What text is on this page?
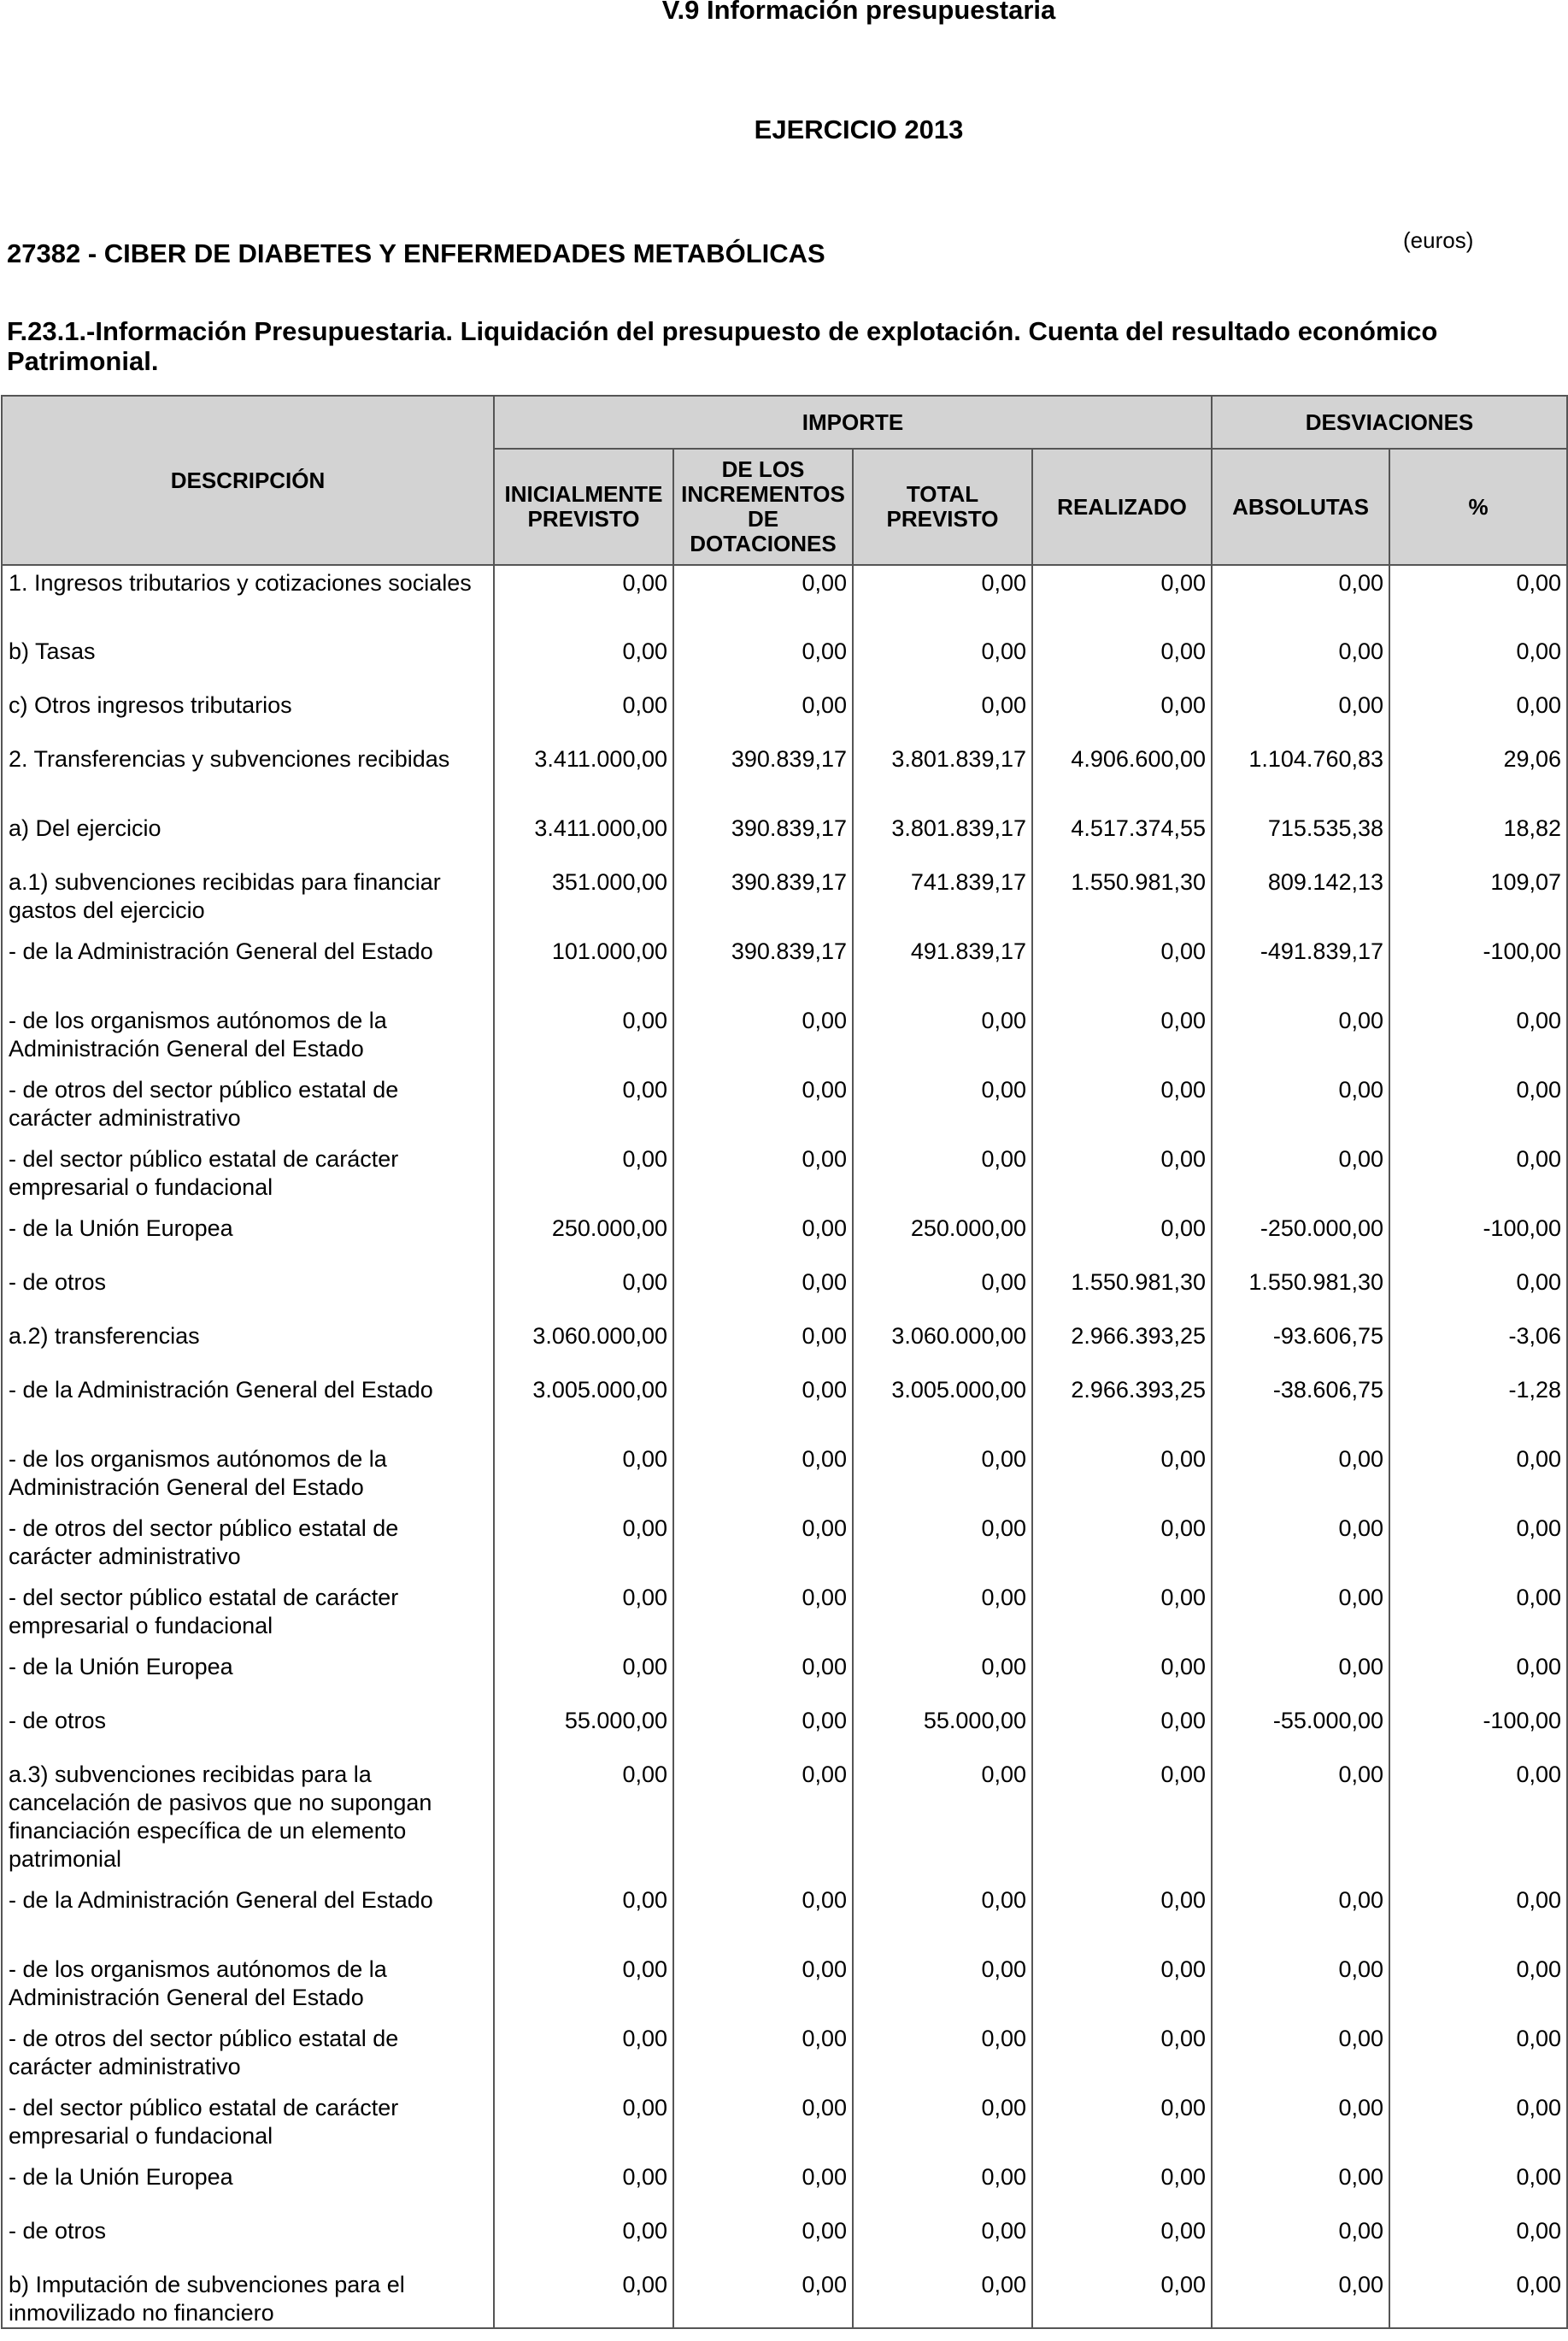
V.9 Información presupuestaria
EJERCICIO 2013
27382 - CIBER DE DIABETES Y ENFERMEDADES METABÓLICAS	(euros)
F.23.1.-Información Presupuestaria. Liquidación del presupuesto de explotación. Cuenta del resultado económico Patrimonial.
DESCRIPCIÓN	IMPORTE				DESVIACIONES	
	INICIALMENTE PREVISTO	DE LOS INCREMENTOS DE DOTACIONES	TOTAL PREVISTO	REALIZADO	ABSOLUTAS	%
1. Ingresos tributarios y cotizaciones sociales	0,00	0,00	0,00	0,00	0,00	0,00
b) Tasas	0,00	0,00	0,00	0,00	0,00	0,00
c) Otros ingresos tributarios	0,00	0,00	0,00	0,00	0,00	0,00
2. Transferencias y subvenciones recibidas	3.411.000,00	390.839,17	3.801.839,17	4.906.600,00	1.104.760,83	29,06
a) Del ejercicio	3.411.000,00	390.839,17	3.801.839,17	4.517.374,55	715.535,38	18,82
a.1) subvenciones recibidas para financiar gastos del ejercicio	351.000,00	390.839,17	741.839,17	1.550.981,30	809.142,13	109,07
- de la Administración General del Estado	101.000,00	390.839,17	491.839,17	0,00	-491.839,17	-100,00
- de los organismos autónomos de la Administración General del Estado	0,00	0,00	0,00	0,00	0,00	0,00
- de otros del sector público estatal de carácter administrativo	0,00	0,00	0,00	0,00	0,00	0,00
- del sector público estatal de carácter empresarial o fundacional	0,00	0,00	0,00	0,00	0,00	0,00
- de la Unión Europea	250.000,00	0,00	250.000,00	0,00	-250.000,00	-100,00
- de otros	0,00	0,00	0,00	1.550.981,30	1.550.981,30	0,00
a.2) transferencias	3.060.000,00	0,00	3.060.000,00	2.966.393,25	-93.606,75	-3,06
- de la Administración General del Estado	3.005.000,00	0,00	3.005.000,00	2.966.393,25	-38.606,75	-1,28
- de los organismos autónomos de la Administración General del Estado	0,00	0,00	0,00	0,00	0,00	0,00
- de otros del sector público estatal de carácter administrativo	0,00	0,00	0,00	0,00	0,00	0,00
- del sector público estatal de carácter empresarial o fundacional	0,00	0,00	0,00	0,00	0,00	0,00
- de la Unión Europea	0,00	0,00	0,00	0,00	0,00	0,00
- de otros	55.000,00	0,00	55.000,00	0,00	-55.000,00	-100,00
a.3) subvenciones recibidas para la cancelación de pasivos que no supongan financiación específica de un elemento patrimonial	0,00	0,00	0,00	0,00	0,00	0,00
- de la Administración General del Estado	0,00	0,00	0,00	0,00	0,00	0,00
- de los organismos autónomos de la Administración General del Estado	0,00	0,00	0,00	0,00	0,00	0,00
- de otros del sector público estatal de carácter administrativo	0,00	0,00	0,00	0,00	0,00	0,00
- del sector público estatal de carácter empresarial o fundacional	0,00	0,00	0,00	0,00	0,00	0,00
- de la Unión Europea	0,00	0,00	0,00	0,00	0,00	0,00
- de otros	0,00	0,00	0,00	0,00	0,00	0,00
b) Imputación de subvenciones para el inmovilizado no financiero	0,00	0,00	0,00	0,00	0,00	0,00
